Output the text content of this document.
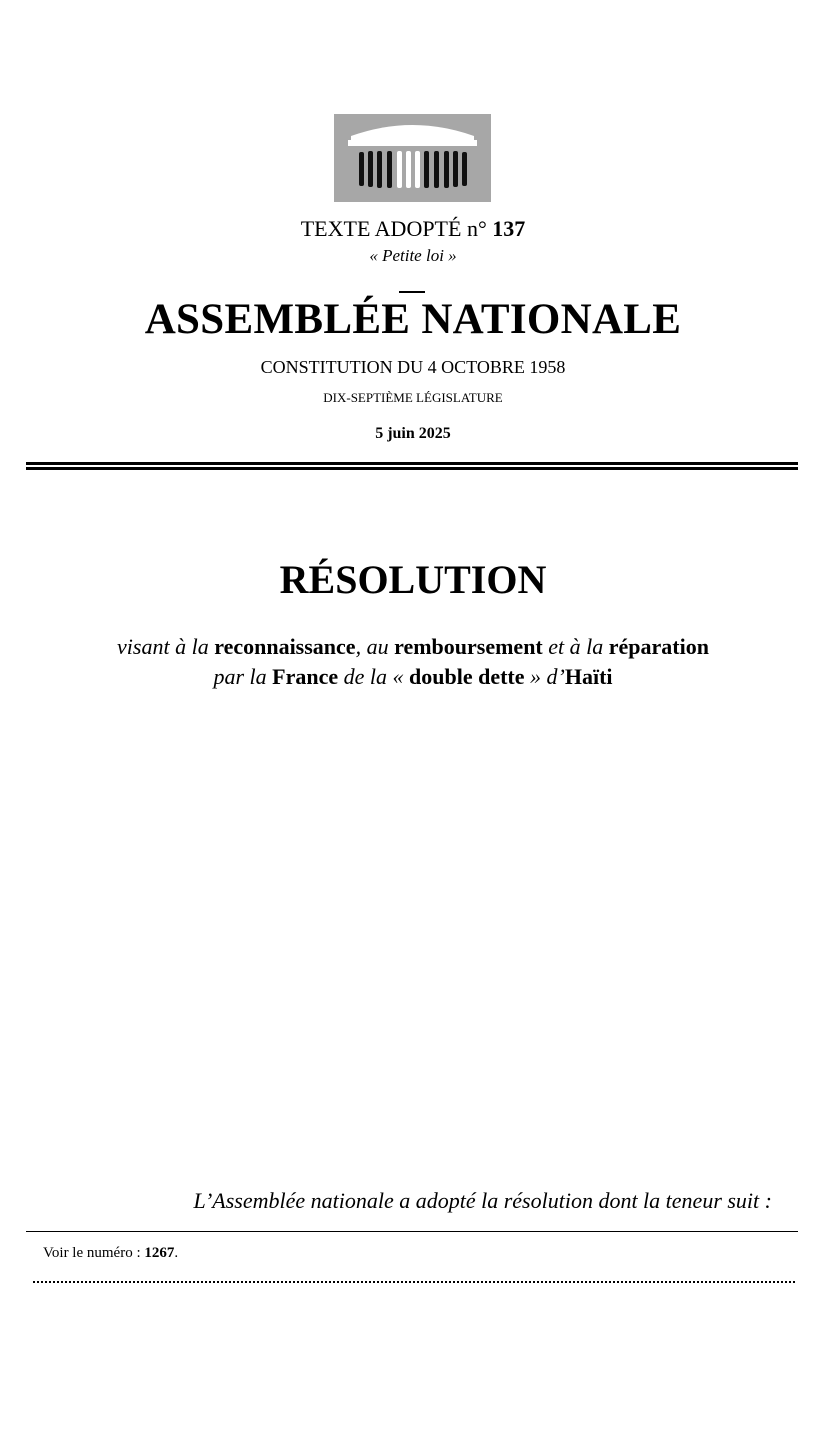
TEXTE ADOPTÉ n° 137
« Petite loi »
ASSEMBLÉE NATIONALE
CONSTITUTION DU 4 OCTOBRE 1958
DIX-SEPTIÈME LÉGISLATURE
5 juin 2025
RÉSOLUTION
visant à la reconnaissance, au remboursement et à la réparation
par la France de la « double dette » d’Haïti
L’Assemblée nationale a adopté la résolution dont la teneur suit :
Voir le numéro : 1267.
